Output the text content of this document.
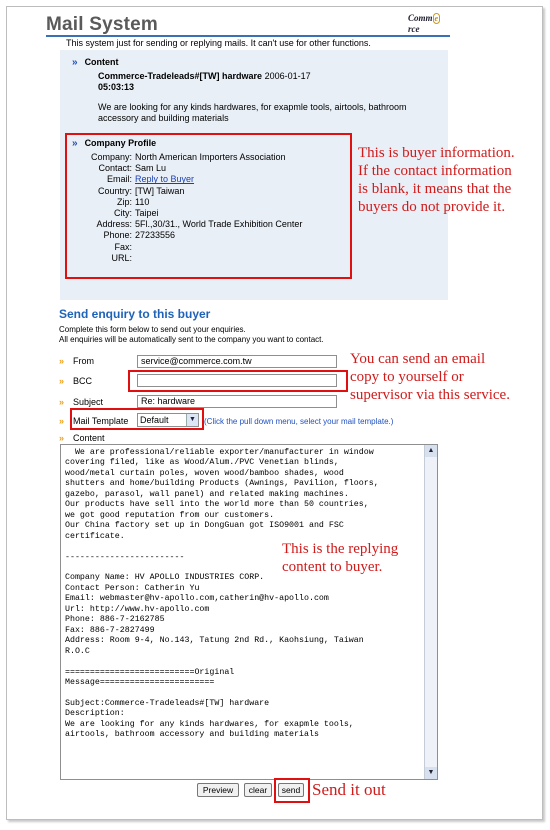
Mail System	Comm erce
This system just for sending or replying mails. It can't use for other functions.
» Content
Commerce-Tradeleads#[TW] hardware 2006-01-17
05:03:13
We are looking for any kinds hardwares, for exapmle tools, airtools, bathroom accessory and building materials
» Company Profile
Company: North American Importers Association
Contact: Sam Lu
Email: Reply to Buyer
Country: [TW] Taiwan
Zip: 110
City: Taipei
Address: 5Fl.,30/31., World Trade Exhibition Center
Phone: 27233556
Fax:
URL:
This is buyer information.
If the contact information
is blank, it means that the
buyers do not provide it.
Send enquiry to this buyer
Complete this form below to send out your enquiries.
All enquiries will be automatically sent to the company you want to contact.
» From	service@commerce.com.tw
» BCC
» Subject	Re: hardware
You can send an email
copy to yourself or
supervisor via this service.
» Mail Template	Default	▼ (Click the pull down menu, select your mail template.)
» Content
We are professional/reliable exporter/manufacturer in window
covering filed, like as Wood/Alum./PVC Venetian blinds,
wood/metal curtain poles, woven wood/bamboo shades, wood
shutters and home/building Products (Awnings, Pavilion, floors,
gazebo, parasol, wall panel) and related making machines.
Our products have sell into the world more than 50 countries,
we got good reputation from our customers.
Our China factory set up in DongGuan got ISO9001 and FSC
certificate.

------------------------

Company Name: HV APOLLO INDUSTRIES CORP.
Contact Person: Catherin Yu
Email: webmaster@hv-apollo.com,catherin@hv-apollo.com
Url: http://www.hv-apollo.com
Phone: 886-7-2162785
Fax: 886-7-2827499
Address: Room 9-4, No.143, Tatung 2nd Rd., Kaohsiung, Taiwan
R.O.C

==========================Original
Message=======================

Subject:Commerce-Tradeleads#[TW] hardware
Description:
We are looking for any kinds hardwares, for exapmle tools,
airtools, bathroom accessory and building materials
▲
▼
This is the replying
content to buyer.
Preview	clear	send Send it out
